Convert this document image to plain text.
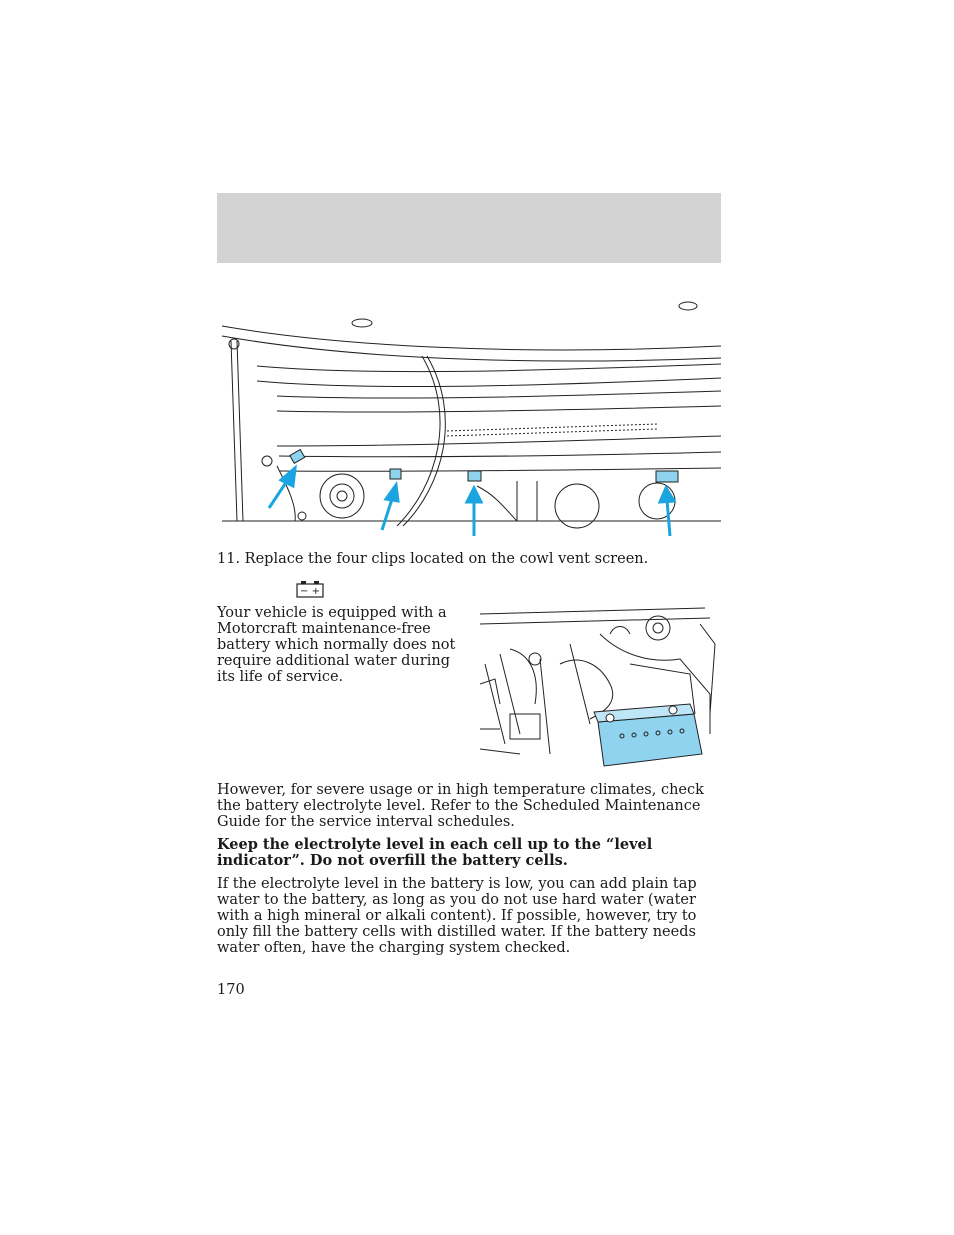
11. Replace the four clips located on the cowl vent screen.

− +

Your vehicle is equipped with a Motorcraft maintenance-free battery which normally does not require additional water during its life of service.

However, for severe usage or in high temperature climates, check the battery electrolyte level. Refer to the Scheduled Maintenance Guide for the service interval schedules.

Keep the electrolyte level in each cell up to the “level indicator”. Do not overfill the battery cells.

If the electrolyte level in the battery is low, you can add plain tap water to the battery, as long as you do not use hard water (water with a high mineral or alkali content). If possible, however, try to only fill the battery cells with distilled water. If the battery needs water often, have the charging system checked.

170
